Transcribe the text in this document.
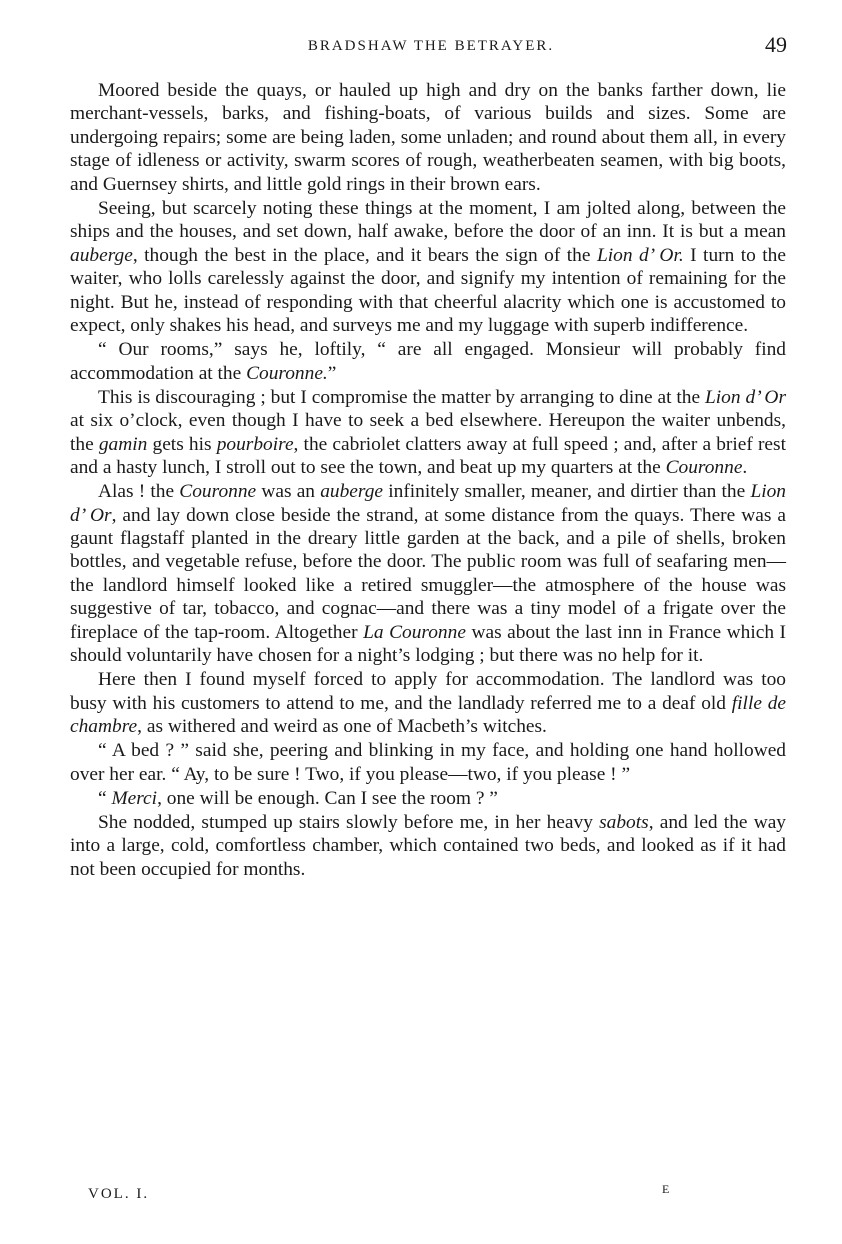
BRADSHAW THE BETRAYER.	49

Moored beside the quays, or hauled up high and dry on the banks farther down, lie merchant-vessels, barks, and fishing-boats, of various builds and sizes. Some are undergoing repairs; some are being laden, some unladen; and round about them all, in every stage of idleness or activity, swarm scores of rough, weatherbeaten seamen, with big boots, and Guernsey shirts, and little gold rings in their brown ears.

Seeing, but scarcely noting these things at the moment, I am jolted along, between the ships and the houses, and set down, half awake, before the door of an inn. It is but a mean auberge, though the best in the place, and it bears the sign of the Lion d’ Or. I turn to the waiter, who lolls carelessly against the door, and signify my intention of remaining for the night. But he, instead of responding with that cheerful alacrity which one is accustomed to expect, only shakes his head, and surveys me and my luggage with superb indifference.

“ Our rooms,” says he, loftily, “ are all engaged. Monsieur will probably find accommodation at the Couronne.”

This is discouraging ; but I compromise the matter by arranging to dine at the Lion d’ Or at six o’clock, even though I have to seek a bed elsewhere. Hereupon the waiter unbends, the gamin gets his pourboire, the cabriolet clatters away at full speed ; and, after a brief rest and a hasty lunch, I stroll out to see the town, and beat up my quarters at the Couronne.

Alas ! the Couronne was an auberge infinitely smaller, meaner, and dirtier than the Lion d’ Or, and lay down close beside the strand, at some distance from the quays. There was a gaunt flagstaff planted in the dreary little garden at the back, and a pile of shells, broken bottles, and vegetable refuse, before the door. The public room was full of seafaring men—the landlord himself looked like a retired smuggler—the atmosphere of the house was suggestive of tar, tobacco, and cognac—and there was a tiny model of a frigate over the fireplace of the tap-room. Altogether La Couronne was about the last inn in France which I should voluntarily have chosen for a night’s lodging ; but there was no help for it.

Here then I found myself forced to apply for accommodation. The landlord was too busy with his customers to attend to me, and the landlady referred me to a deaf old fille de chambre, as withered and weird as one of Macbeth’s witches.

“ A bed ? ” said she, peering and blinking in my face, and holding one hand hollowed over her ear. “ Ay, to be sure ! Two, if you please—two, if you please ! ”

“ Merci, one will be enough. Can I see the room ? ”

She nodded, stumped up stairs slowly before me, in her heavy sabots, and led the way into a large, cold, comfortless chamber, which contained two beds, and looked as if it had not been occupied for months.

VOL. I.	E
